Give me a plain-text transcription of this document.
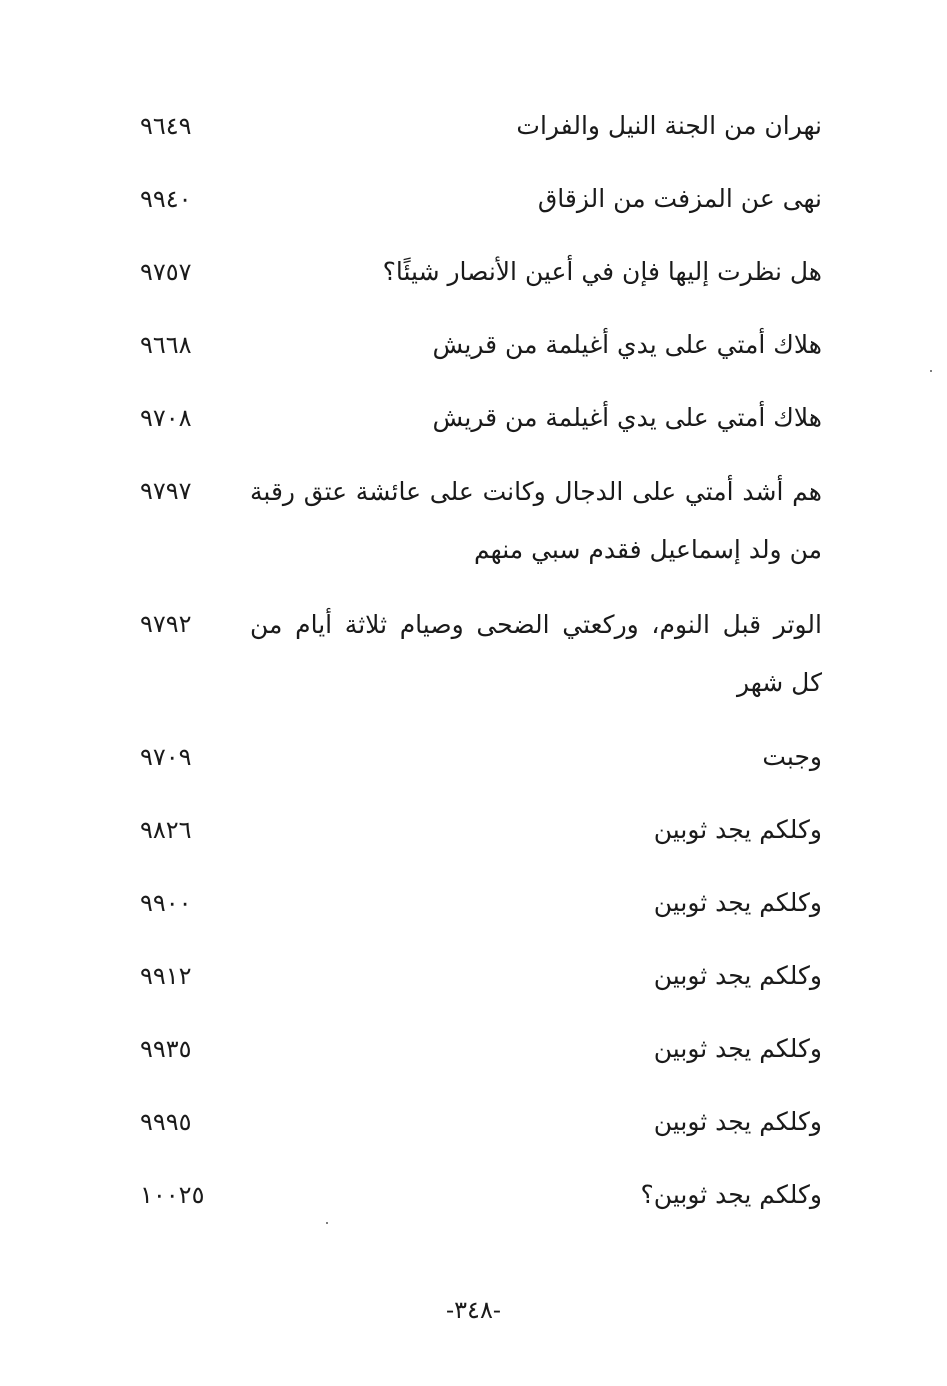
نهران من الجنة النيل والفرات
٩٦٤٩
نهى عن المزفت من الزقاق
٩٩٤٠
هل نظرت إليها فإن في أعين الأنصار شيئًا؟
٩٧٥٧
هلاك أمتي على يدي أغيلمة من قريش
٩٦٦٨
هلاك أمتي على يدي أغيلمة من قريش
٩٧٠٨
هم أشد أمتي على الدجال وكانت على عائشة عتق رقبة من ولد إسماعيل فقدم سبي منهم
٩٧٩٧
الوتر قبل النوم، وركعتي الضحى وصيام ثلاثة أيام من كل شهر
٩٧٩٢
وجبت
٩٧٠٩
وكلكم يجد ثوبين
٩٨٢٦
وكلكم يجد ثوبين
٩٩٠٠
وكلكم يجد ثوبين
٩٩١٢
وكلكم يجد ثوبين
٩٩٣٥
وكلكم يجد ثوبين
٩٩٩٥
وكلكم يجد ثوبين؟
١٠٠٢٥
-٣٤٨-
